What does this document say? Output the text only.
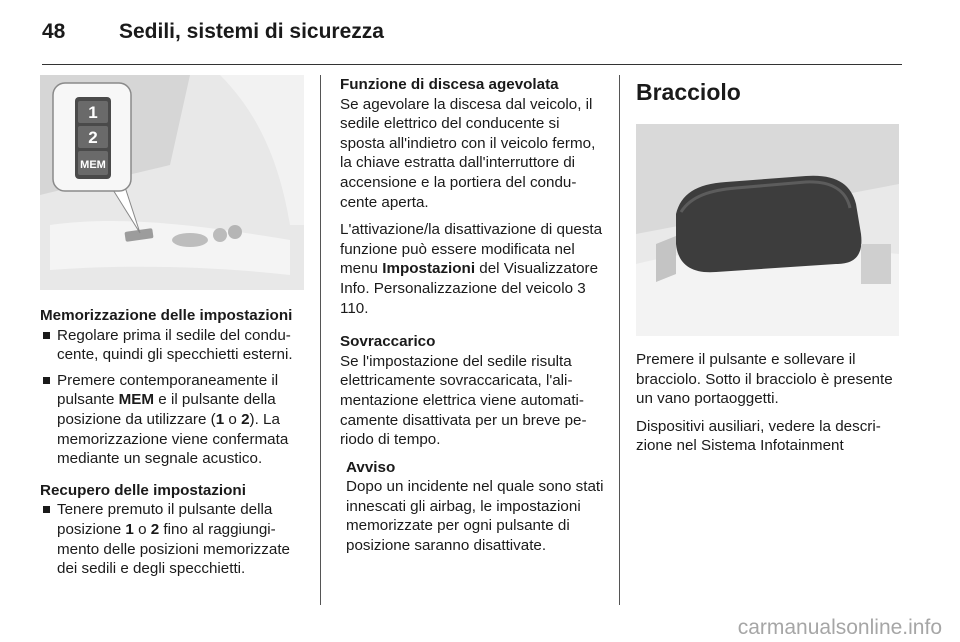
48	Sedili, sistemi di sicurezza
1
2
MEM
Memorizzazione delle impostazioni
Regolare prima il sedile del conducente, quindi gli specchietti esterni.
Premere contemporaneamente il pulsante MEM e il pulsante della posizione da utilizzare (1 o 2). La memorizzazione viene confermata mediante un segnale acustico.
Recupero delle impostazioni
Tenere premuto il pulsante della posizione 1 o 2 fino al raggiungimento delle posizioni memorizzate dei sedili e degli specchietti.
Funzione di discesa agevolata

Se agevolare la discesa dal veicolo, il sedile elettrico del conducente si sposta all'indietro con il veicolo fermo, la chiave estratta dall'interruttore di accensione e la portiera del conducente aperta.

L'attivazione/la disattivazione di questa funzione può essere modificata nel menu Impostazioni del Visualizzatore Info. Personalizzazione del veicolo 3 110.

Sovraccarico

Se l'impostazione del sedile risulta elettricamente sovraccaricata, l'alimentazione elettrica viene automaticamente disattivata per un breve periodo di tempo.

Avviso

Dopo un incidente nel quale sono stati innescati gli airbag, le impostazioni memorizzate per ogni pulsante di posizione saranno disattivate.

Bracciolo

Premere il pulsante e sollevare il bracciolo. Sotto il bracciolo è presente un vano portaoggetti.

Dispositivi ausiliari, vedere la descrizione nel Sistema Infotainment

carmanualsonline.info
